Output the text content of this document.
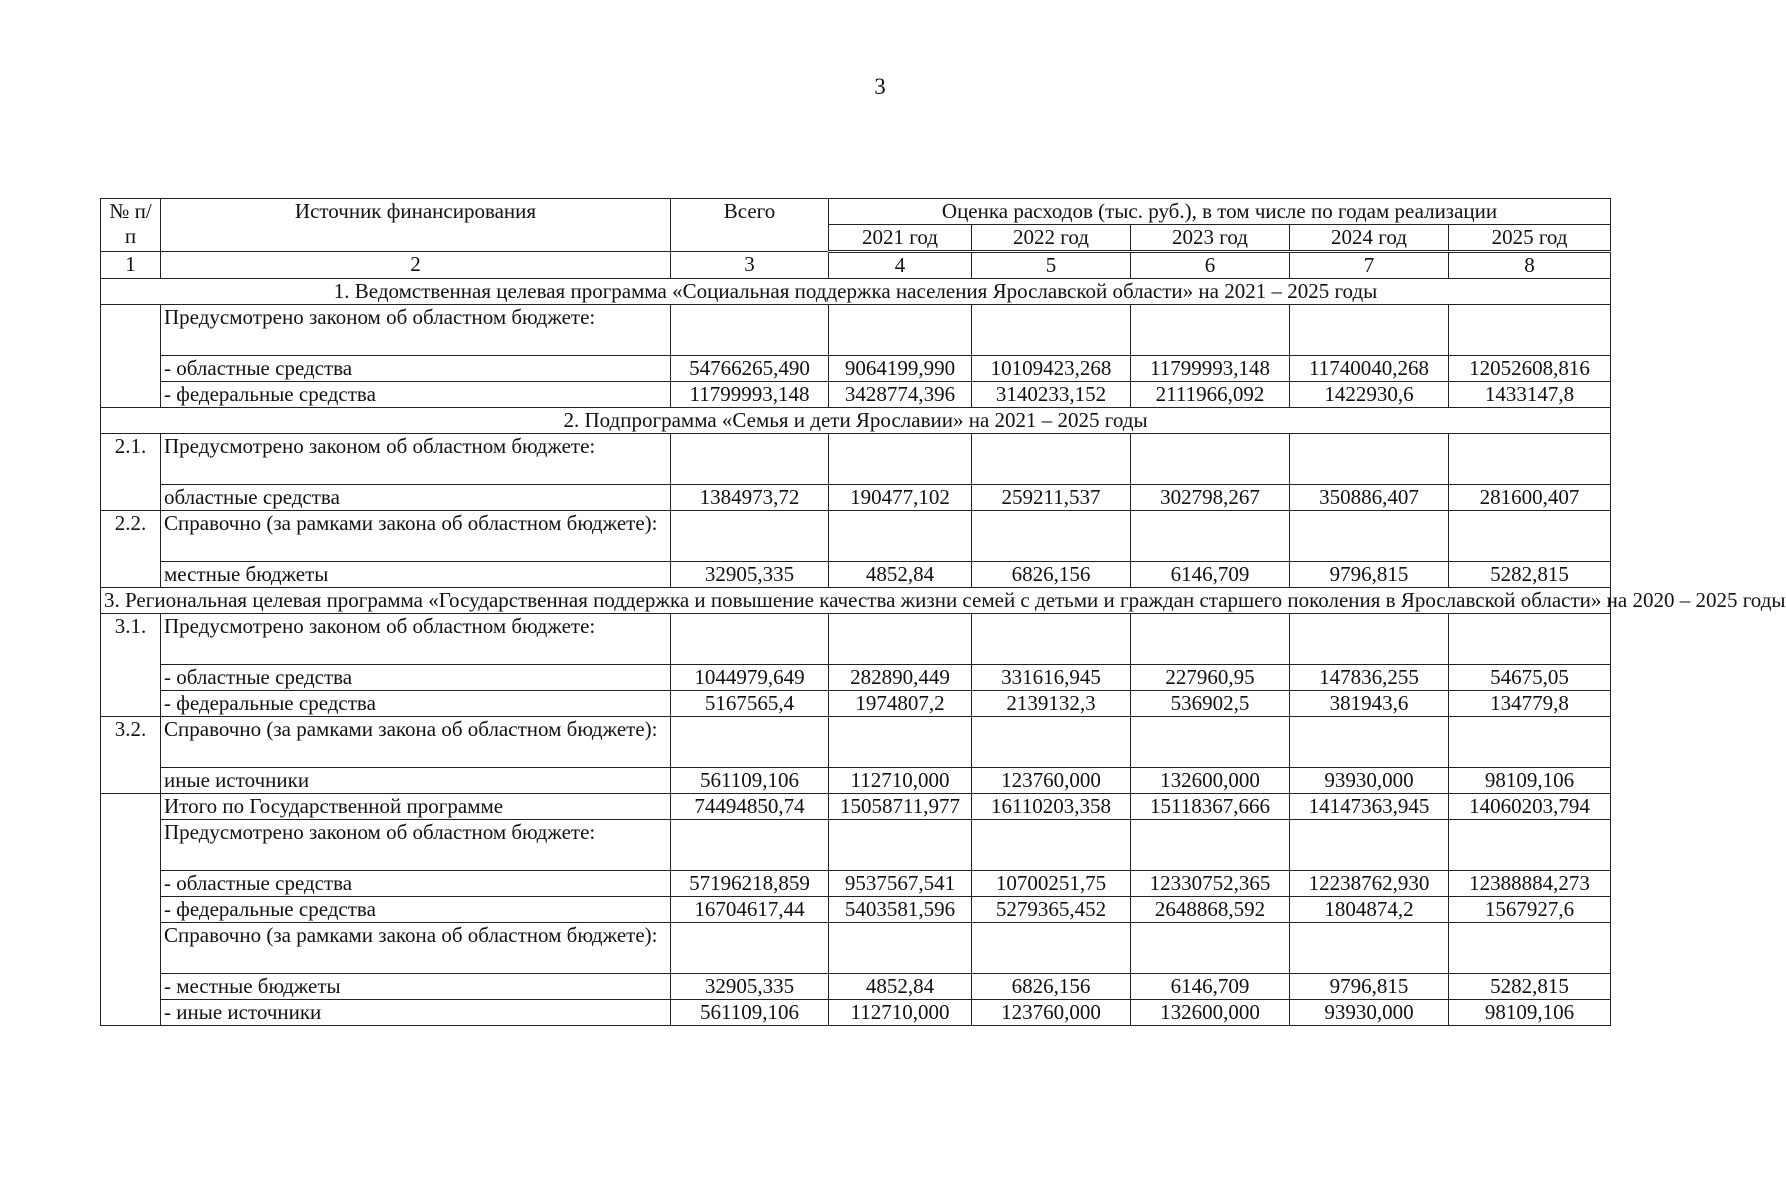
3
№ п/п	Источник финансирования	Всего	Оценка расходов (тыс. руб.), в том числе по годам реализации				
			2021 год	2022 год	2023 год	2024 год	2025 год
1	2	3	4	5	6	7	8
1. Ведомственная целевая программа «Социальная поддержка населения Ярославской области» на 2021 – 2025 годы							
	Предусмотрено законом об областном бюджете:						
	- областные средства	54766265,490	9064199,990	10109423,268	11799993,148	11740040,268	12052608,816
	- федеральные средства	11799993,148	3428774,396	3140233,152	2111966,092	1422930,6	1433147,8
2. Подпрограмма «Семья и дети Ярославии» на 2021 – 2025 годы							
2.1.	Предусмотрено законом об областном бюджете:						
	областные средства	1384973,72	190477,102	259211,537	302798,267	350886,407	281600,407
2.2.	Справочно (за рамками закона об областном бюджете):						
	местные бюджеты	32905,335	4852,84	6826,156	6146,709	9796,815	5282,815
3. Региональная целевая программа «Государственная поддержка и повышение качества жизни семей с детьми и граждан старшего поколения в Ярославской области» на 2020 – 2025 годы							
3.1.	Предусмотрено законом об областном бюджете:						
	- областные средства	1044979,649	282890,449	331616,945	227960,95	147836,255	54675,05
	- федеральные средства	5167565,4	1974807,2	2139132,3	536902,5	381943,6	134779,8
3.2.	Справочно (за рамками закона об областном бюджете):						
	иные источники	561109,106	112710,000	123760,000	132600,000	93930,000	98109,106
	Итого по Государственной программе	74494850,74	15058711,977	16110203,358	15118367,666	14147363,945	14060203,794
	Предусмотрено законом об областном бюджете:						
	- областные средства	57196218,859	9537567,541	10700251,75	12330752,365	12238762,930	12388884,273
	- федеральные средства	16704617,44	5403581,596	5279365,452	2648868,592	1804874,2	1567927,6
	Справочно (за рамками закона об областном бюджете):						
	- местные бюджеты	32905,335	4852,84	6826,156	6146,709	9796,815	5282,815
	- иные источники	561109,106	112710,000	123760,000	132600,000	93930,000	98109,106
